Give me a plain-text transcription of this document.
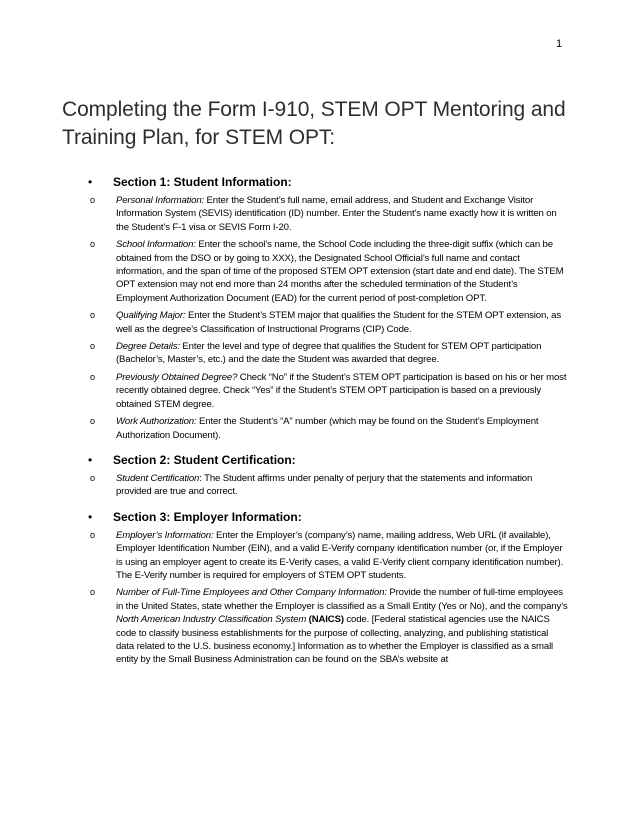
1
Completing the Form I-910, STEM OPT Mentoring and Training Plan, for STEM OPT:
• Section 1: Student Information:
o Personal Information: Enter the Student’s full name, email address, and Student and Exchange Visitor Information System (SEVIS) identification (ID) number. Enter the Student’s name exactly how it is written on the Student’s F-1 visa or SEVIS Form I-20.
o School Information: Enter the school’s name, the School Code including the three-digit suffix (which can be obtained from the DSO or by going to XXX), the Designated School Official’s full name and contact information, and the span of time of the proposed STEM OPT extension (start date and end date). The STEM OPT extension may not end more than 24 months after the scheduled termination of the Student’s Employment Authorization Document (EAD) for the current period of post-completion OPT.
o Qualifying Major: Enter the Student’s STEM major that qualifies the Student for the STEM OPT extension, as well as the degree’s Classification of Instructional Programs (CIP) Code.
o Degree Details: Enter the level and type of degree that qualifies the Student for STEM OPT participation (Bachelor’s, Master’s, etc.) and the date the Student was awarded that degree.
o Previously Obtained Degree? Check “No” if the Student’s STEM OPT participation is based on his or her most recently obtained degree. Check “Yes” if the Student’s STEM OPT participation is based on a previously obtained STEM degree.
o Work Authorization: Enter the Student’s “A” number (which may be found on the Student’s Employment Authorization Document).
• Section 2: Student Certification:
o Student Certification: The Student affirms under penalty of perjury that the statements and information provided are true and correct.
• Section 3: Employer Information:
o Employer’s Information: Enter the Employer’s (company’s) name, mailing address, Web URL (if available), Employer Identification Number (EIN), and a valid E-Verify company identification number (or, if the Employer is using an employer agent to create its E-Verify cases, a valid E-Verify client company identification number). The E-Verify number is required for employers of STEM OPT students.
o Number of Full-Time Employees and Other Company Information: Provide the number of full-time employees in the United States, state whether the Employer is classified as a Small Entity (Yes or No), and the company’s North American Industry Classification System (NAICS) code. [Federal statistical agencies use the NAICS code to classify business establishments for the purpose of collecting, analyzing, and publishing statistical data related to the U.S. business economy.] Information as to whether the Employer is classified as a small entity by the Small Business Administration can be found on the SBA’s website at
